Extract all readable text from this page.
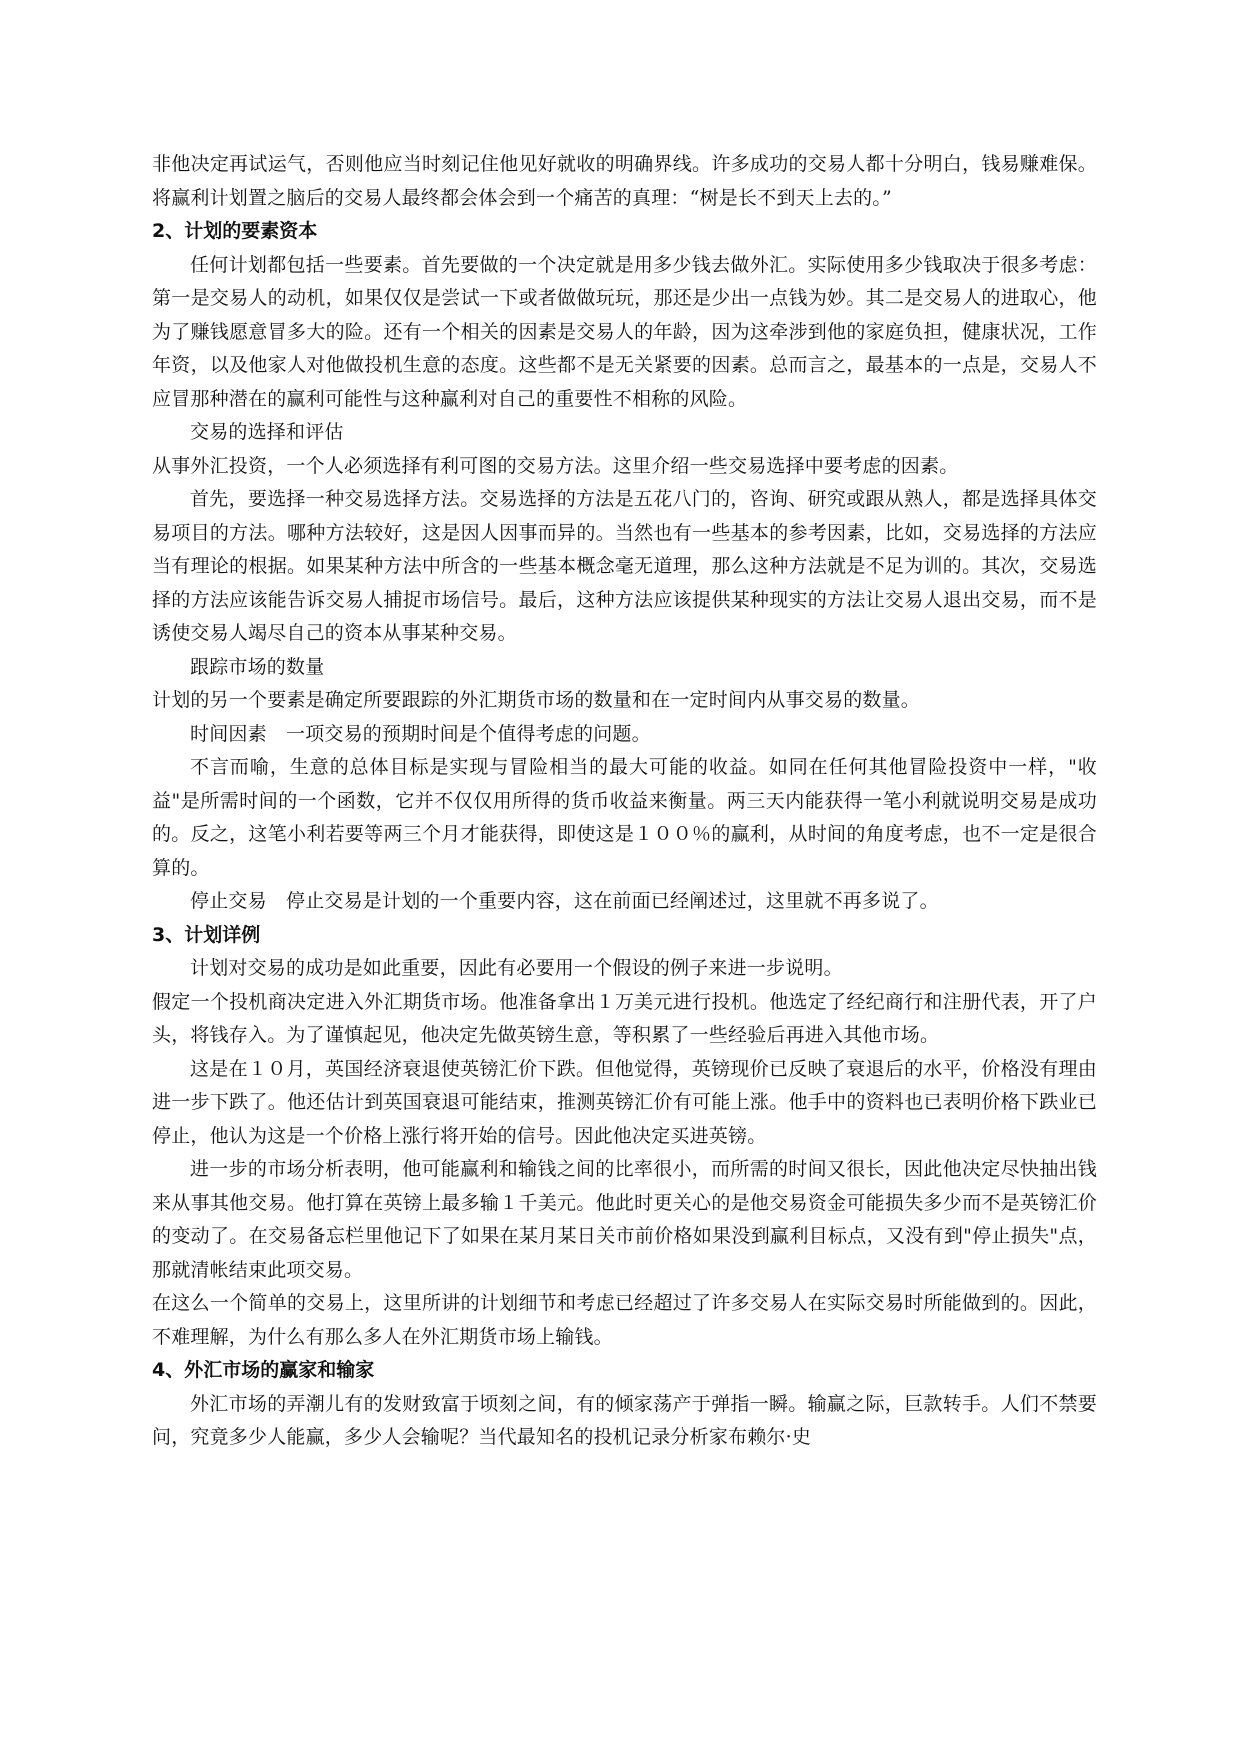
非他决定再试运气，否则他应当时刻记住他见好就收的明确界线。许多成功的交易人都十分明白，钱易赚难保。将赢利计划置之脑后的交易人最终都会体会到一个痛苦的真理：“树是长不到天上去的。”

2、计划的要素资本

任何计划都包括一些要素。首先要做的一个决定就是用多少钱去做外汇。实际使用多少钱取决于很多考虑：第一是交易人的动机，如果仅仅是尝试一下或者做做玩玩，那还是少出一点钱为妙。其二是交易人的进取心，他为了赚钱愿意冒多大的险。还有一个相关的因素是交易人的年龄，因为这牵涉到他的家庭负担，健康状况，工作年资，以及他家人对他做投机生意的态度。这些都不是无关紧要的因素。总而言之，最基本的一点是，交易人不应冒那种潜在的赢利可能性与这种赢利对自己的重要性不相称的风险。

交易的选择和评估

从事外汇投资，一个人必须选择有利可图的交易方法。这里介绍一些交易选择中要考虑的因素。

首先，要选择一种交易选择方法。交易选择的方法是五花八门的，咨询、研究或跟从熟人，都是选择具体交易项目的方法。哪种方法较好，这是因人因事而异的。当然也有一些基本的参考因素，比如，交易选择的方法应当有理论的根据。如果某种方法中所含的一些基本概念毫无道理，那么这种方法就是不足为训的。其次，交易选择的方法应该能告诉交易人捕捉市场信号。最后，这种方法应该提供某种现实的方法让交易人退出交易，而不是诱使交易人竭尽自己的资本从事某种交易。

跟踪市场的数量

计划的另一个要素是确定所要跟踪的外汇期货市场的数量和在一定时间内从事交易的数量。

时间因素　一项交易的预期时间是个值得考虑的问题。

不言而喻，生意的总体目标是实现与冒险相当的最大可能的收益。如同在任何其他冒险投资中一样，"收益"是所需时间的一个函数，它并不仅仅用所得的货币收益来衡量。两三天内能获得一笔小利就说明交易是成功的。反之，这笔小利若要等两三个月才能获得，即使这是１００％的赢利，从时间的角度考虑，也不一定是很合算的。

停止交易　停止交易是计划的一个重要内容，这在前面已经阐述过，这里就不再多说了。

3、计划详例

计划对交易的成功是如此重要，因此有必要用一个假设的例子来进一步说明。

假定一个投机商决定进入外汇期货市场。他准备拿出１万美元进行投机。他选定了经纪商行和注册代表，开了户头，将钱存入。为了谨慎起见，他决定先做英镑生意，等积累了一些经验后再进入其他市场。

这是在１０月，英国经济衰退使英镑汇价下跌。但他觉得，英镑现价已反映了衰退后的水平，价格没有理由进一步下跌了。他还估计到英国衰退可能结束，推测英镑汇价有可能上涨。他手中的资料也已表明价格下跌业已停止，他认为这是一个价格上涨行将开始的信号。因此他决定买进英镑。

进一步的市场分析表明，他可能赢利和输钱之间的比率很小，而所需的时间又很长，因此他决定尽快抽出钱来从事其他交易。他打算在英镑上最多输１千美元。他此时更关心的是他交易资金可能损失多少而不是英镑汇价的变动了。在交易备忘栏里他记下了如果在某月某日关市前价格如果没到赢利目标点，又没有到"停止损失"点，那就清帐结束此项交易。

在这么一个简单的交易上，这里所讲的计划细节和考虑已经超过了许多交易人在实际交易时所能做到的。因此，不难理解，为什么有那么多人在外汇期货市场上输钱。

4、外汇市场的赢家和输家

外汇市场的弄潮儿有的发财致富于顷刻之间，有的倾家荡产于弹指一瞬。输赢之际，巨款转手。人们不禁要问，究竟多少人能赢，多少人会输呢？当代最知名的投机记录分析家布赖尔·史
